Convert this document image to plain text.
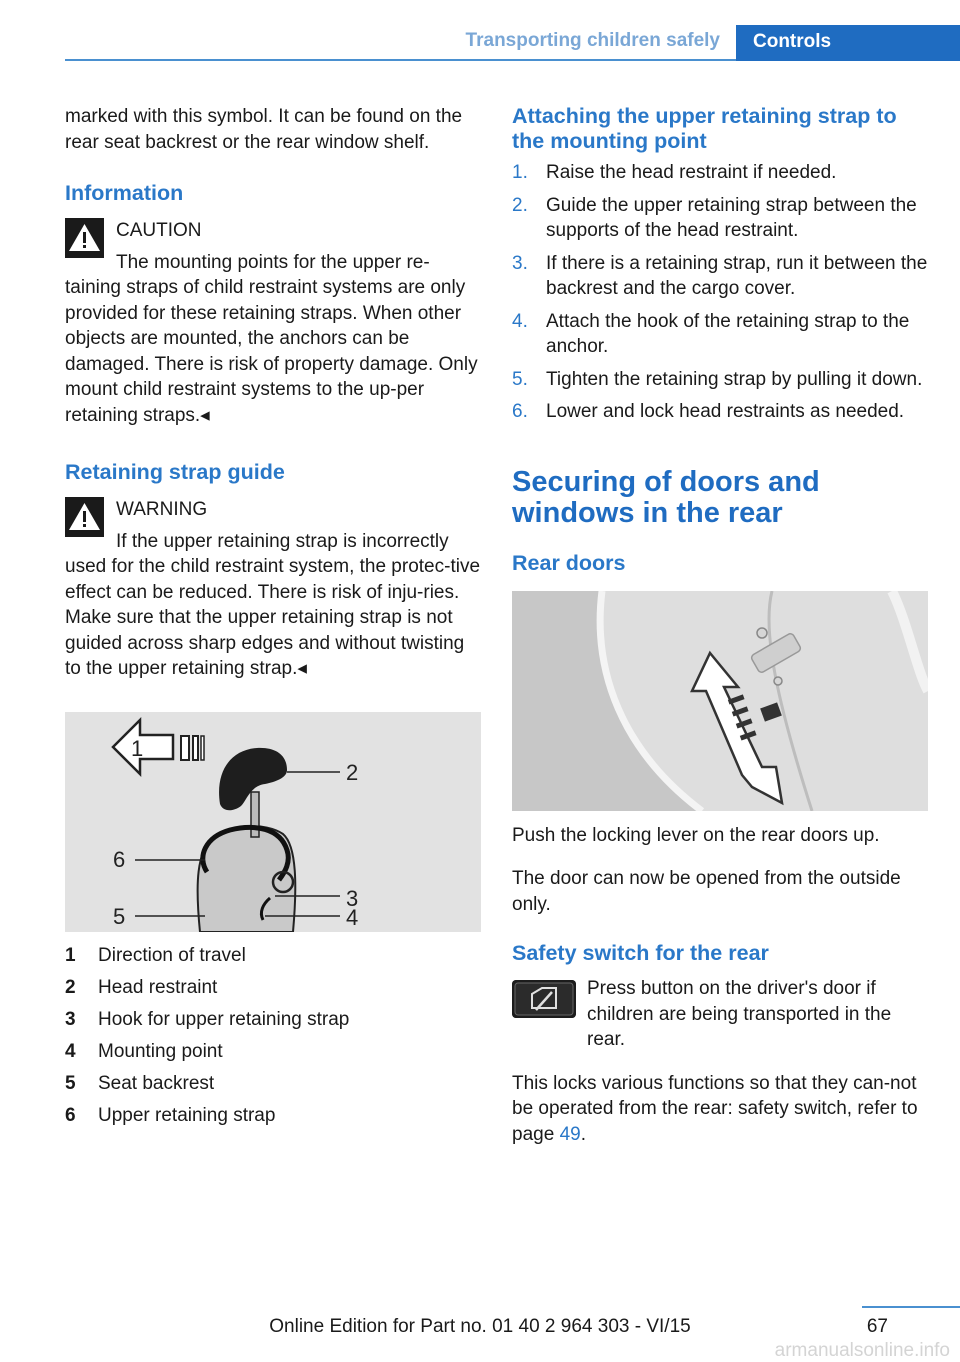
Transporting children safely	Controls

marked with this symbol. It can be found on the rear seat backrest or the rear window shelf.

Information

CAUTION

The mounting points for the upper re-

taining straps of child restraint systems are only provided for these retaining straps. When other objects are mounted, the anchors can be damaged. There is risk of property damage. Only mount child restraint systems to the up-per retaining straps.◂

Retaining strap guide

WARNING

If the upper retaining strap is incorrectly

used for the child restraint system, the protec-tive effect can be reduced. There is risk of inju-ries. Make sure that the upper retaining strap is not guided across sharp edges and without twisting to the upper retaining strap.◂

1
2
3
4
5
6
1	Direction of travel
2	Head restraint
3	Hook for upper retaining strap
4	Mounting point
5	Seat backrest
6	Upper retaining strap

Attaching the upper retaining strap to the mounting point

1. Raise the head restraint if needed.
2. Guide the upper retaining strap between the supports of the head restraint.
3. If there is a retaining strap, run it between the backrest and the cargo cover.
4. Attach the hook of the retaining strap to the anchor.
5. Tighten the retaining strap by pulling it down.
6. Lower and lock head restraints as needed.

Securing of doors and windows in the rear

Rear doors

Push the locking lever on the rear doors up.

The door can now be opened from the outside only.

Safety switch for the rear

Press button on the driver's door if children are being transported in the rear.

This locks various functions so that they can-not be operated from the rear: safety switch, refer to page 49.

67
Online Edition for Part no. 01 40 2 964 303 - VI/15
armanualsonline.info
